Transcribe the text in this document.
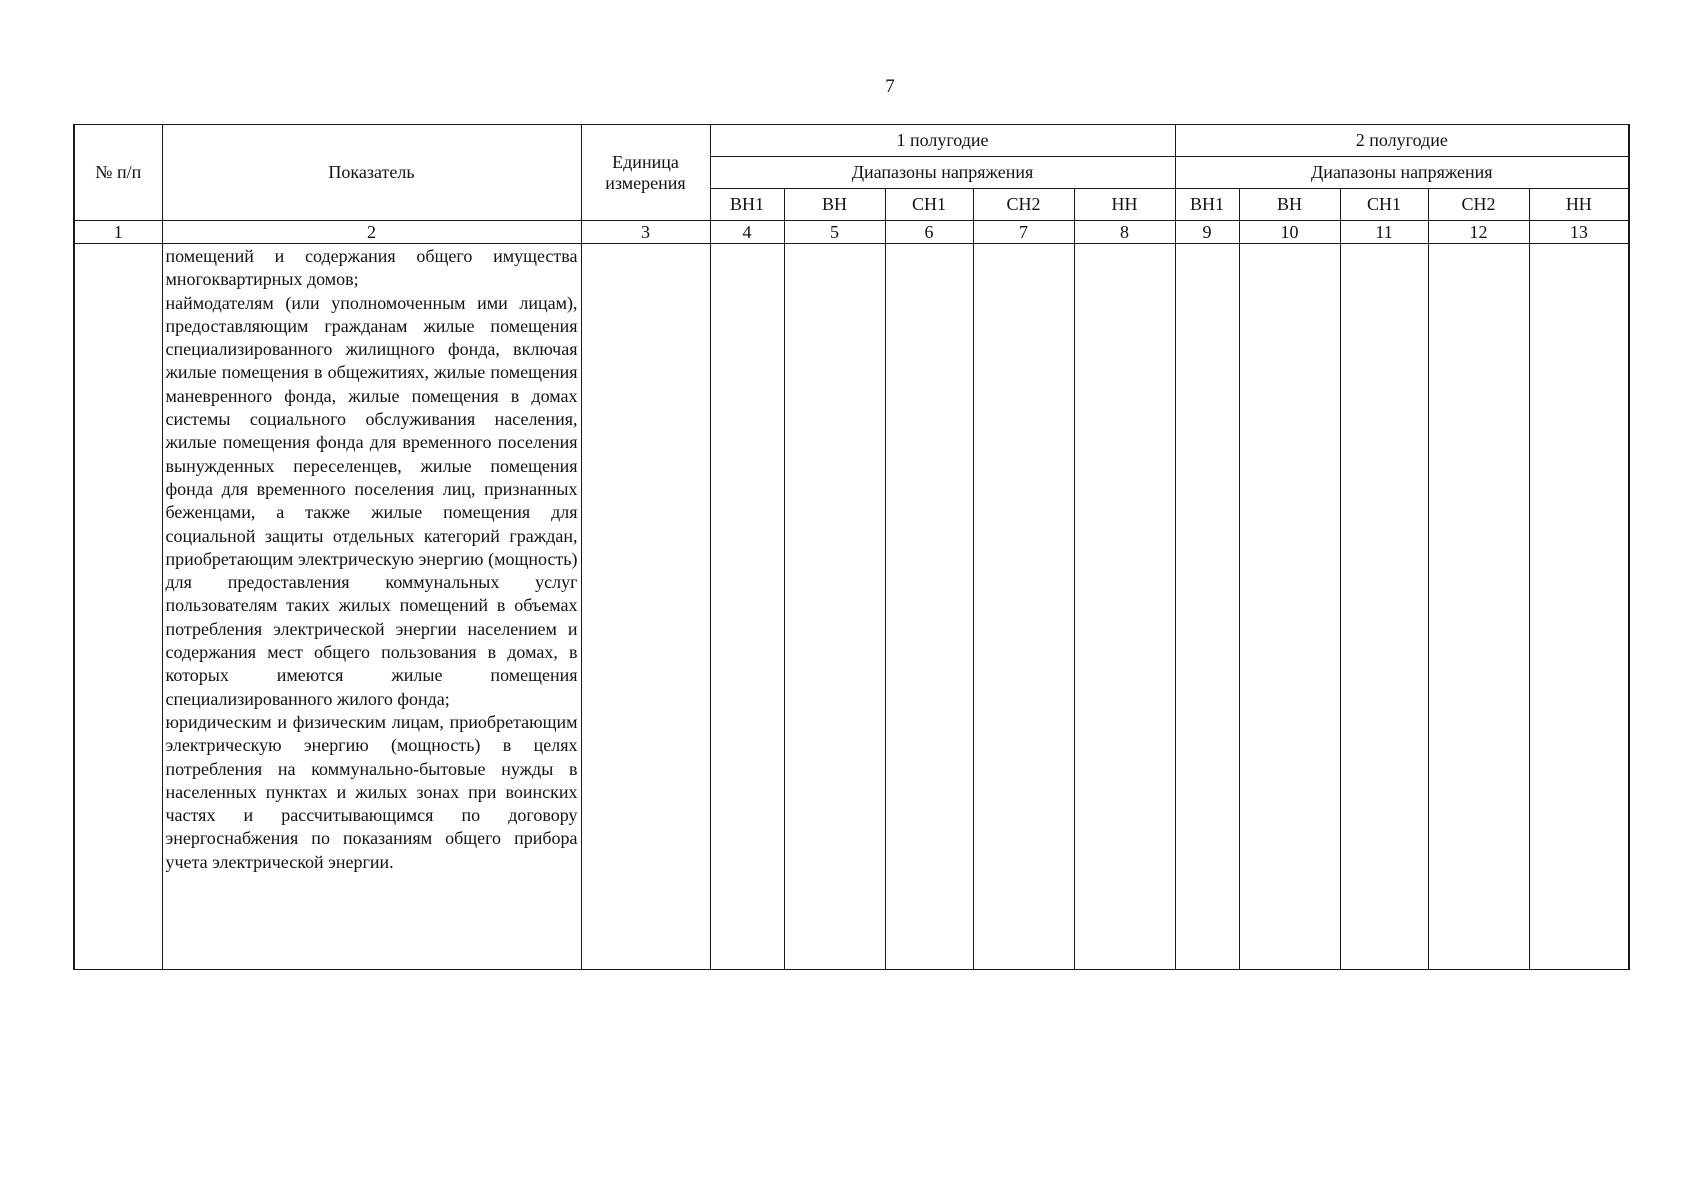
7
№ п/п	Показатель	Единица измерения	1 полугодие					2 полугодие				
			Диапазоны напряжения					Диапазоны напряжения				
			ВН1	ВН	СН1	СН2	НН	ВН1	ВН	СН1	СН2	НН
1	2	3	4	5	6	7	8	9	10	11	12	13

	помещений и содержания общего имущества многоквартирных домов;
наймодателям (или уполномоченным ими лицам), предоставляющим гражданам жилые помещения специализированного жилищного фонда, включая жилые помещения в общежитиях, жилые помещения маневренного фонда, жилые помещения в домах системы социального обслуживания населения, жилые помещения фонда для временного поселения вынужденных переселенцев, жилые помещения фонда для временного поселения лиц, признанных беженцами, а также жилые помещения для социальной защиты отдельных категорий граждан, приобретающим электрическую энергию (мощность) для предоставления коммунальных услуг пользователям таких жилых помещений в объемах потребления электрической энергии населением и содержания мест общего пользования в домах, в которых имеются жилые помещения специализированного жилого фонда;
юридическим и физическим лицам, приобретающим электрическую энергию (мощность) в целях потребления на коммунально-бытовые нужды в населенных пунктах и жилых зонах при воинских частях и рассчитывающимся по договору энергоснабжения по показаниям общего прибора учета электрической энергии.											
